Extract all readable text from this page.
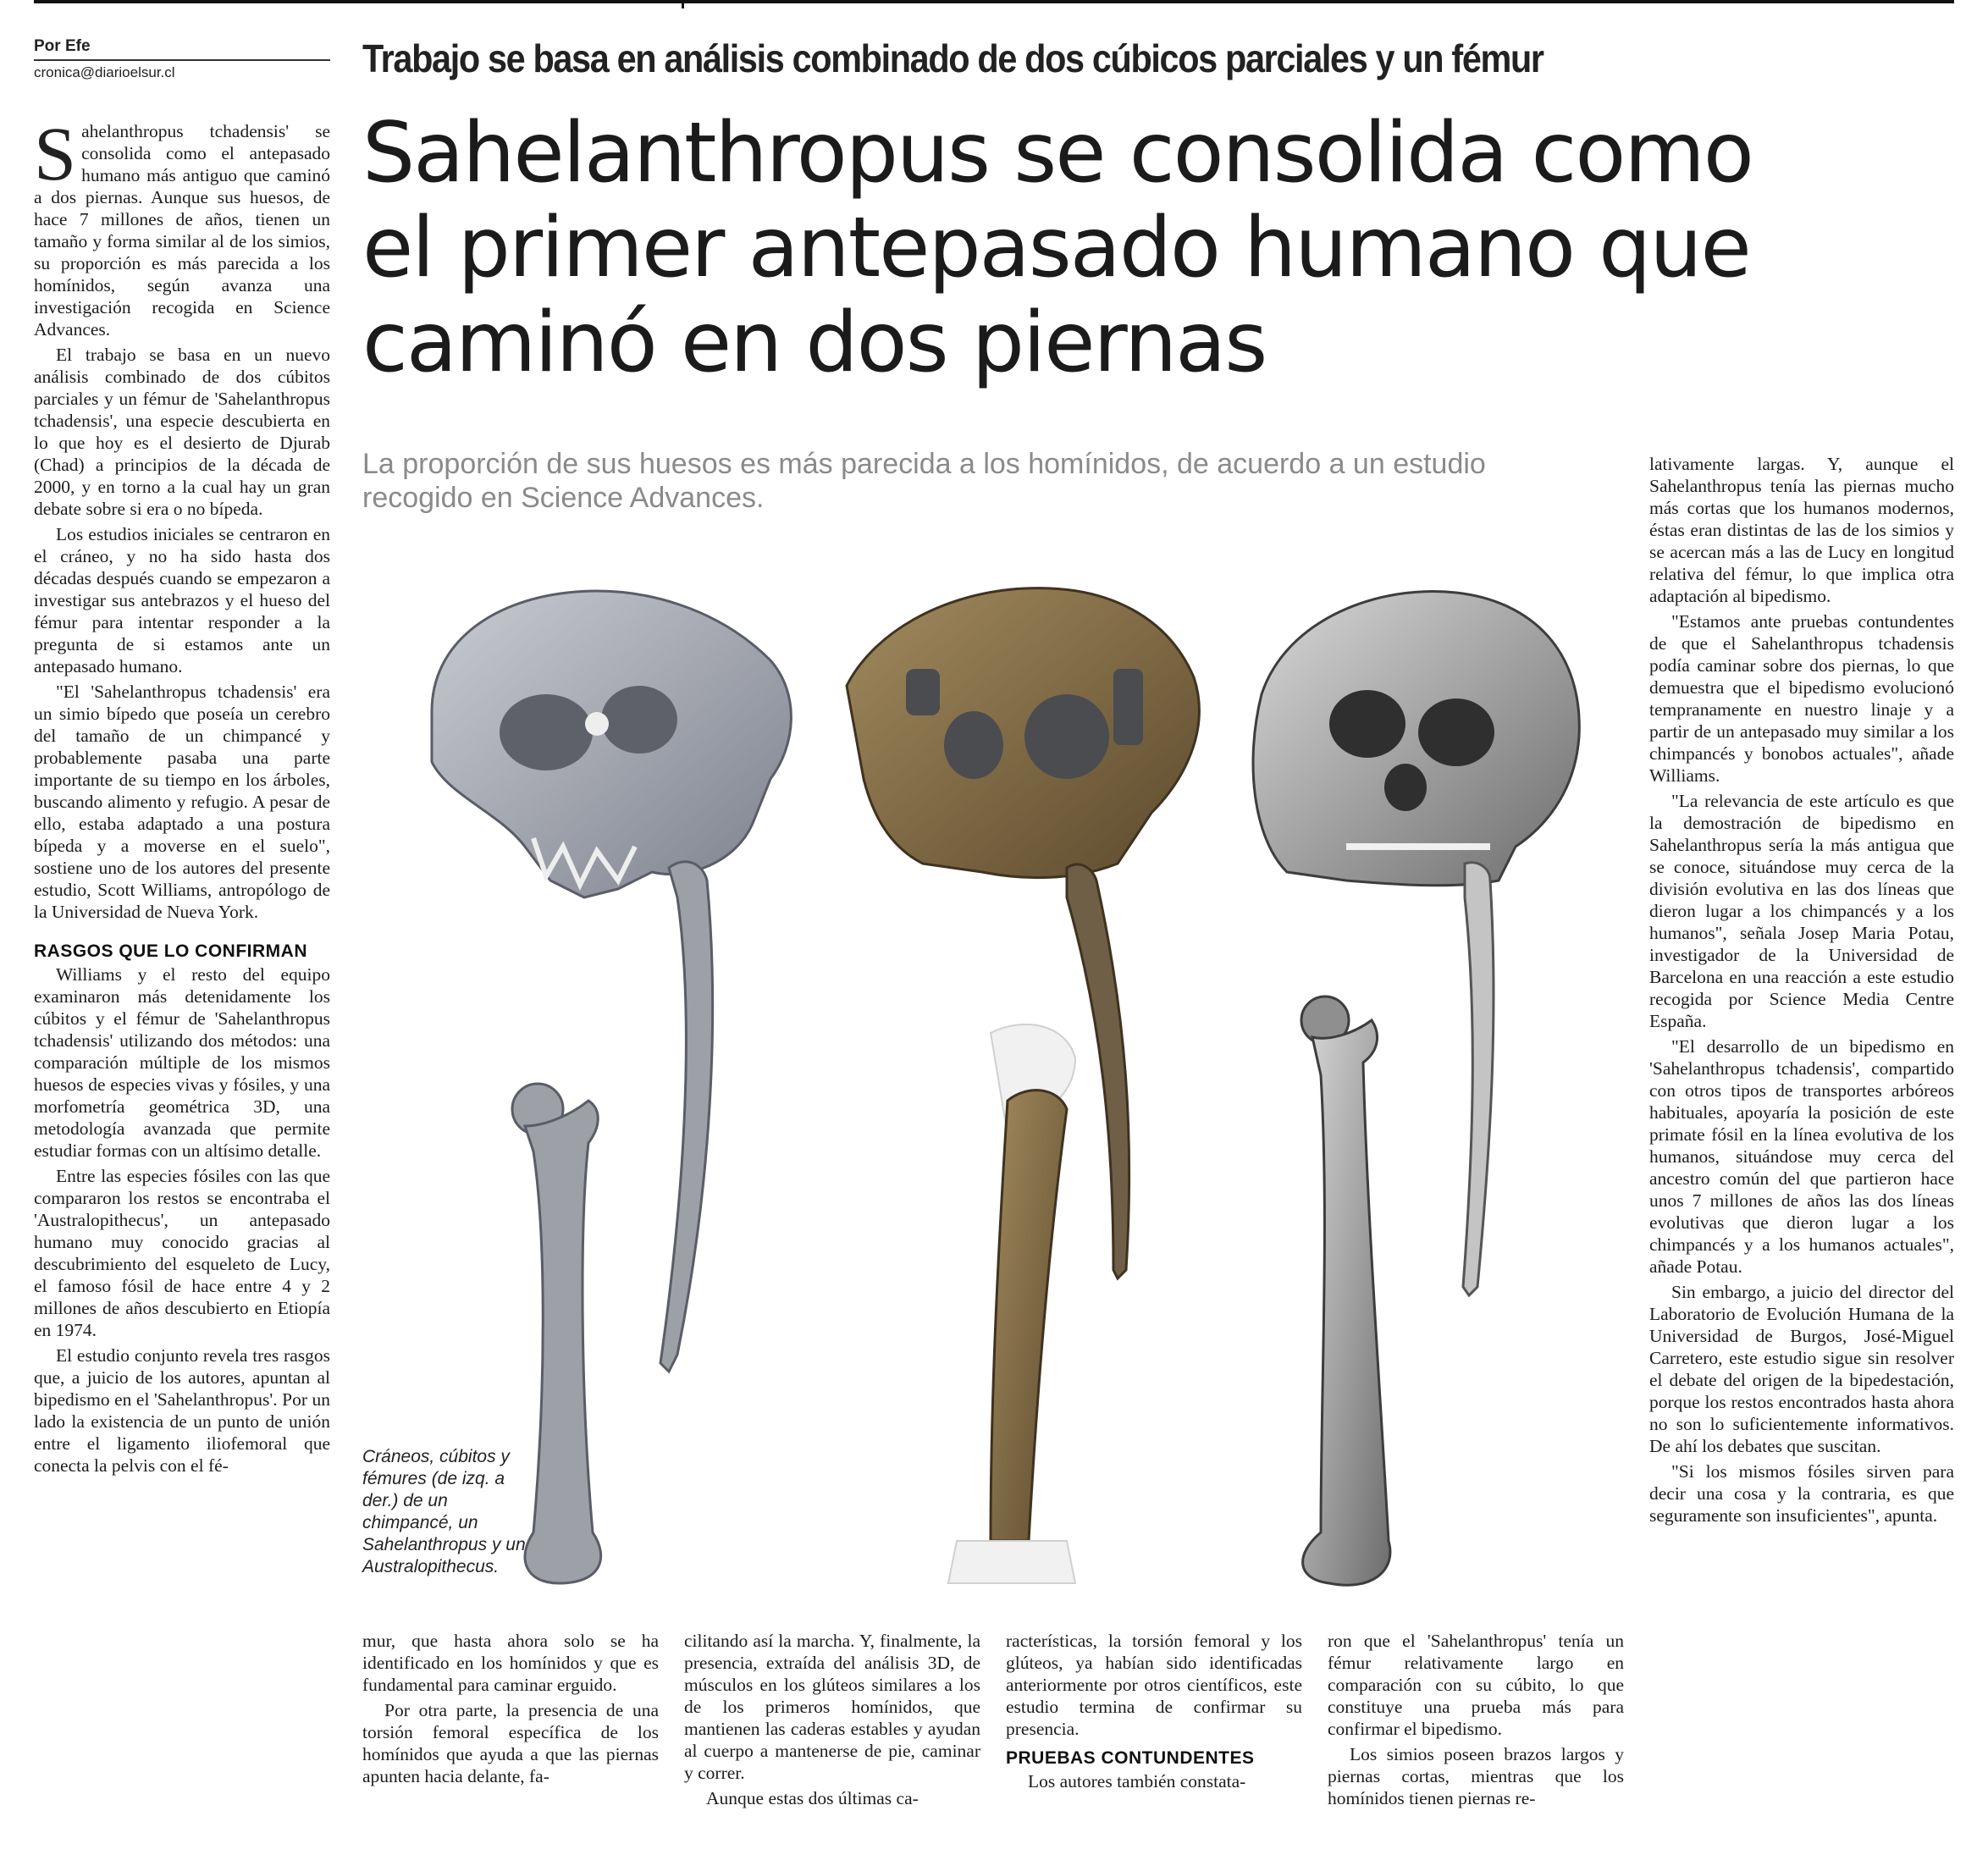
Por Efe
cronica@diarioelsur.cl	Trabajo se basa en análisis combinado de dos cúbicos parciales y un fémur
Sahelanthropus se consolida como
el primer antepasado humano que
caminó en dos piernas
La proporción de sus huesos es más parecida a los homínidos, de acuerdo a un estudio recogido en Science Advances.

Sahelanthropus tchadensis' se consolida como el antepasado humano más antiguo que caminó a dos piernas. Aunque sus huesos, de hace 7 millones de años, tienen un tamaño y forma similar al de los simios, su proporción es más parecida a los homínidos, según avanza una investigación recogida en Science Advances.

El trabajo se basa en un nuevo análisis combinado de dos cúbitos parciales y un fémur de 'Sahelanthropus tchadensis', una especie descubierta en lo que hoy es el desierto de Djurab (Chad) a principios de la década de 2000, y en torno a la cual hay un gran debate sobre si era o no bípeda.

Los estudios iniciales se centraron en el cráneo, y no ha sido hasta dos décadas después cuando se empezaron a investigar sus antebrazos y el hueso del fémur para intentar responder a la pregunta de si estamos ante un antepasado humano.

"El 'Sahelanthropus tchadensis' era un simio bípedo que poseía un cerebro del tamaño de un chimpancé y probablemente pasaba una parte importante de su tiempo en los árboles, buscando alimento y refugio. A pesar de ello, estaba adaptado a una postura bípeda y a moverse en el suelo", sostiene uno de los autores del presente estudio, Scott Williams, antropólogo de la Universidad de Nueva York.

RASGOS QUE LO CONFIRMAN

Williams y el resto del equipo examinaron más detenidamente los cúbitos y el fémur de 'Sahelanthropus tchadensis' utilizando dos métodos: una comparación múltiple de los mismos huesos de especies vivas y fósiles, y una morfometría geométrica 3D, una metodología avanzada que permite estudiar formas con un altísimo detalle.

Entre las especies fósiles con las que compararon los restos se encontraba el 'Australopithecus', un antepasado humano muy conocido gracias al descubrimiento del esqueleto de Lucy, el famoso fósil de hace entre 4 y 2 millones de años descubierto en Etiopía en 1974.

El estudio conjunto revela tres rasgos que, a juicio de los autores, apuntan al bipedismo en el 'Sahelanthropus'. Por un lado la existencia de un punto de unión entre el ligamento iliofemoral que conecta la pelvis con el fé-	Cráneos, cúbitos y fémures (de izq. a der.) de un chimpancé, un Sahelanthropus y un Australopithecus.

mur, que hasta ahora solo se ha identificado en los homínidos y que es fundamental para caminar erguido.

Por otra parte, la presencia de una torsión femoral específica de los homínidos que ayuda a que las piernas apunten hacia delante, fa-

cilitando así la marcha. Y, finalmente, la presencia, extraída del análisis 3D, de músculos en los glúteos similares a los de los primeros homínidos, que mantienen las caderas estables y ayudan al cuerpo a mantenerse de pie, caminar y correr.

Aunque estas dos últimas ca-

racterísticas, la torsión femoral y los glúteos, ya habían sido identificadas anteriormente por otros científicos, este estudio termina de confirmar su presencia.

PRUEBAS CONTUNDENTES

Los autores también constata-

ron que el 'Sahelanthropus' tenía un fémur relativamente largo en comparación con su cúbito, lo que constituye una prueba más para confirmar el bipedismo.

Los simios poseen brazos largos y piernas cortas, mientras que los homínidos tienen piernas re-

lativamente largas. Y, aunque el Sahelanthropus tenía las piernas mucho más cortas que los humanos modernos, éstas eran distintas de las de los simios y se acercan más a las de Lucy en longitud relativa del fémur, lo que implica otra adaptación al bipedismo.

"Estamos ante pruebas contundentes de que el Sahelanthropus tchadensis podía caminar sobre dos piernas, lo que demuestra que el bipedismo evolucionó tempranamente en nuestro linaje y a partir de un antepasado muy similar a los chimpancés y bonobos actuales", añade Williams.

"La relevancia de este artículo es que la demostración de bipedismo en Sahelanthropus sería la más antigua que se conoce, situándose muy cerca de la división evolutiva en las dos líneas que dieron lugar a los chimpancés y a los humanos", señala Josep Maria Potau, investigador de la Universidad de Barcelona en una reacción a este estudio recogida por Science Media Centre España.

"El desarrollo de un bipedismo en 'Sahelanthropus tchadensis', compartido con otros tipos de transportes arbóreos habituales, apoyaría la posición de este primate fósil en la línea evolutiva de los humanos, situándose muy cerca del ancestro común del que partieron hace unos 7 millones de años las dos líneas evolutivas que dieron lugar a los chimpancés y a los humanos actuales", añade Potau.

Sin embargo, a juicio del director del Laboratorio de Evolución Humana de la Universidad de Burgos, José-Miguel Carretero, este estudio sigue sin resolver el debate del origen de la bipedestación, porque los restos encontrados hasta ahora no son lo suficientemente informativos. De ahí los debates que suscitan.

"Si los mismos fósiles sirven para decir una cosa y la contraria, es que seguramente son insuficientes", apunta.
